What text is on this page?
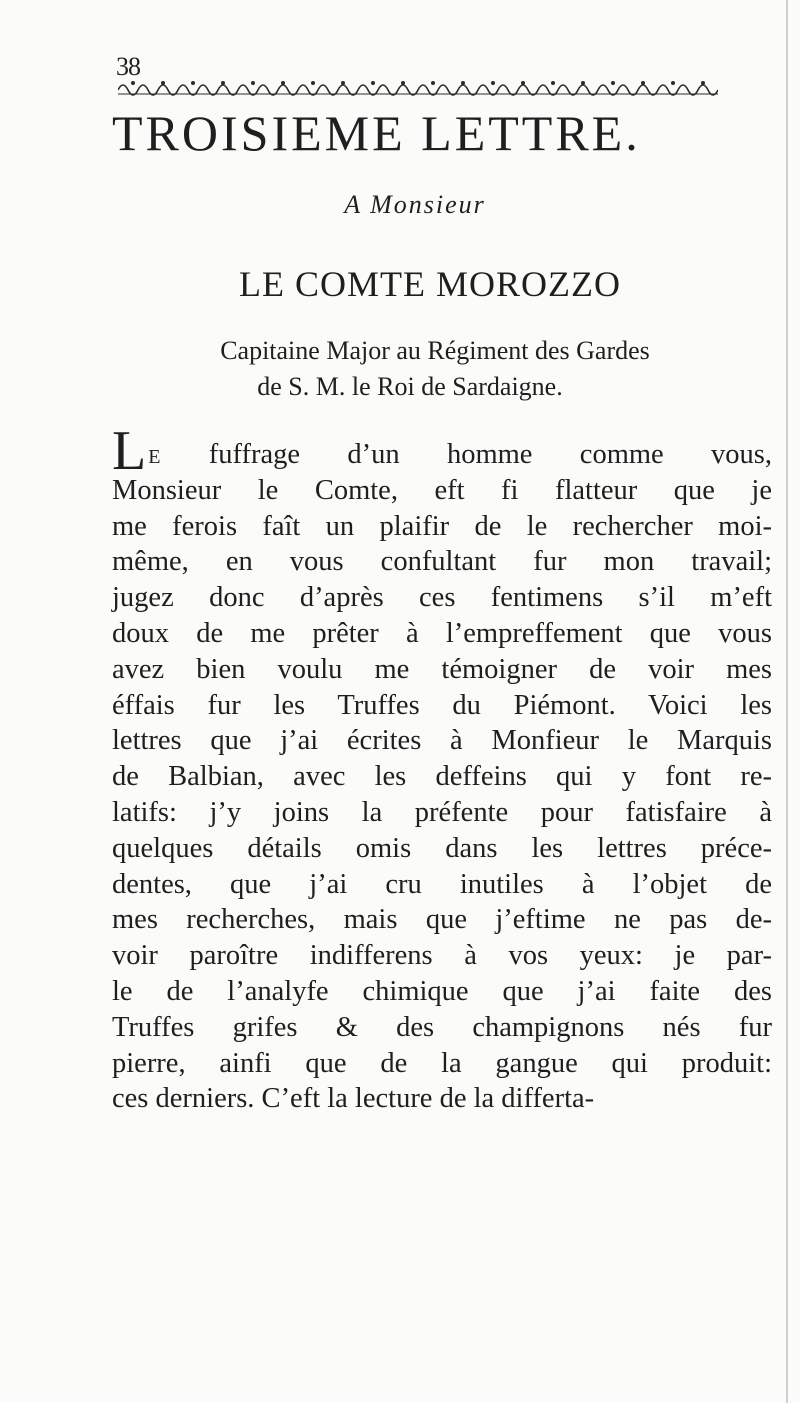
38
TROISIEME LETTRE.
A Monsieur
LE COMTE MOROZZO
Capitaine Major au Régiment des Gardes
de S. M. le Roi de Sardaigne.
Le fuffrage d’un homme comme vous,
Monsieur le Comte, eft fi flatteur que je
me ferois faît un plaifir de le rechercher moi-
même, en vous confultant fur mon travail;
jugez donc d’après ces fentimens s’il m’eft
doux de me prêter à l’empreffement que vous
avez bien voulu me témoigner de voir mes
éffais fur les Truffes du Piémont. Voici les
lettres que j’ai écrites à Monfieur le Marquis
de Balbian, avec les deffeins qui y font re-
latifs: j’y joins la préfente pour fatisfaire à
quelques détails omis dans les lettres préce-
dentes, que j’ai cru inutiles à l’objet de
mes recherches, mais que j’eftime ne pas de-
voir paroître indifferens à vos yeux: je par-
le de l’analyfe chimique que j’ai faite des
Truffes grifes & des champignons nés fur
pierre, ainfi que de la gangue qui produit:
ces derniers. C’eft la lecture de la differta-
